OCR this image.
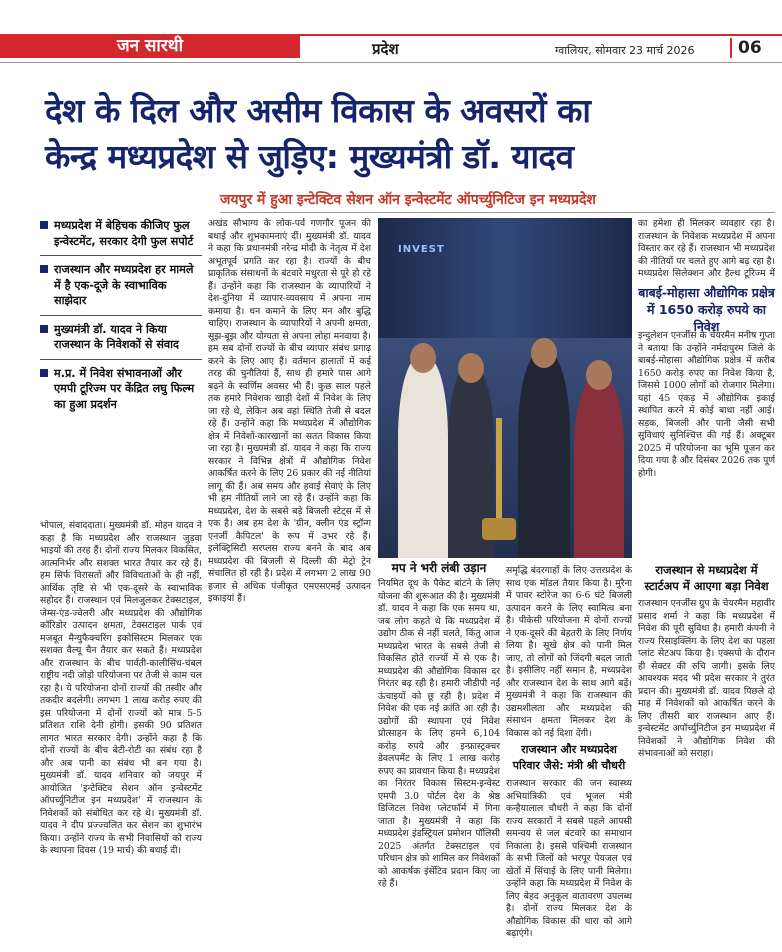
जन सारथी	प्रदेश	ग्वालियर, सोमवार 23 मार्च 2026	06
देश के दिल और असीम विकास के अवसरों का
केन्द्र मध्यप्रदेश से जुड़िए: मुख्यमंत्री डॉ. यादव
जयपुर में हुआ इन्टेक्टिव सेशन ऑन इन्वेस्टमेंट ऑपर्च्युनिटिज इन मध्यप्रदेश
मध्यप्रदेश में बेहिचक कीजिए फुल इन्वेस्टमेंट, सरकार देगी फुल सपोर्ट
राजस्थान और मध्यप्रदेश हर मामले में है एक-दूजे के स्वाभाविक साझेदार
मुख्यमंत्री डॉ. यादव ने किया राजस्थान के निवेशकों से संवाद
म.प्र. में निवेश संभावनाओं और एमपी टूरिज्म पर केंद्रित लघु फिल्म का हुआ प्रदर्शन

भोपाल, संवाददाता। मुख्यमंत्री डॉ. मोहन यादव ने कहा है कि मध्यप्रदेश और राजस्थान जुड़वा भाइयों की तरह हैं। दोनों राज्य मिलकर विकसित, आत्मनिर्भर और सशक्त भारत तैयार कर रहे हैं। हम सिर्फ विरासतों और विविधताओं के ही नहीं, आर्थिक तृष्टि से भी एक-दूसरे के स्वाभाविक सहोदर हैं। राजस्थान एवं मिलजुलकर टेक्सटाइल, जेम्स-एंड-ज्वेलरी और मध्यप्रदेश की औद्योगिक कॉरिडोर उत्पादन क्षमता, टेक्सटाइल पार्क एवं मजबूत मैन्युफैक्चरिंग इकोसिस्टम मिलकर एक सशक्त वैल्यू चैन तैयार कर सकते हैं। मध्यप्रदेश और राजस्थान के बीच पार्वती-कालीसिंध-चंबल राष्ट्रीय नदी जोड़ो परियोजना पर तेजी से काम चल रहा है। ये परियोजना दोनों राज्यों की तस्वीर और तकदीर बदलेगी। लगभग 1 लाख करोड़ रुपए की इस परियोजना में दोनों राज्यों को मात्र 5-5 प्रतिशत राशि देनी होगी। इसकी 90 प्रतिशत लागत भारत सरकार देगी। उन्होंने कहा है कि दोनों राज्यों के बीच बेटी-रोटी का संबंध रहा है और अब पानी का संबंध भी बन गया है। मुख्यमंत्री डॉ. यादव शनिवार को जयपुर में आयोजित 'इन्टेक्टिव सेशन ऑन इन्वेस्टमेंट ऑपर्च्युनिटीज इन मध्यप्रदेश' में राजस्थान के निवेशकों को संबोधित कर रहे थे। मुख्यमंत्री डॉ. यादव ने दीप प्रज्ज्वलित कर सेशन का शुभारंभ किया। उन्होंने राज्य के सभी निवासियों को राज्य के स्थापना दिवस (19 मार्च) की बधाई दी।

अखंड सौभाग्य के लोक-पर्व गणगौर पूजन की बधाई और शुभकामनाएं दीं। मुख्यमंत्री डॉ. यादव ने कहा कि प्रधानमंत्री नरेन्द्र मोदी के नेतृत्व में देश अभूतपूर्व प्रगति कर रहा है। राज्यों के बीच प्राकृतिक संसाधनों के बंटवारे मधुरता से पूरे हो रहे हैं। उन्होंने कहा कि राजस्थान के व्यापारियों ने देश-दुनिया में व्यापार-व्यवसाय में अपना नाम कमाया है। धन कमाने के लिए मन और बुद्धि चाहिए। राजस्थान के व्यापारियों ने अपनी क्षमता, सूझ-बूझ और योग्यता से अपना लोहा मनवाया है। हम सब दोनों राज्यों के बीच व्यापार संबंध प्रगाढ़ करने के लिए आए हैं। वर्तमान हालातों में कई तरह की चुनौतियां हैं, साथ ही हमारे पास आगे बढ़ने के स्वर्णिम अवसर भी हैं। कुछ साल पहले तक हमारे निवेशक खाड़ी देशों में निवेश के लिए जा रहे थे, लेकिन अब वहां स्थिति तेजी से बदल रहे हैं। उन्होंने कहा कि मध्यप्रदेश में औद्योगिक क्षेत्र में निवेशों-कारखानों का सतत विकास किया जा रहा है। मुख्यमंत्री डॉ. यादव ने कहा कि राज्य सरकार ने विभिन्न क्षेत्रों में औद्योगिक निवेश आकर्षित करने के लिए 26 प्रकार की नई नीतियां लागू की हैं। अब समय और हवाई सेवाएं के लिए भी हम नीतियों लाने जा रहे हैं। उन्होंने कहा कि मध्यप्रदेश, देश के सबसे बड़े बिजली स्टेट्स में से एक है। अब हम देश के 'ग्रीन, क्लीन एंड स्ट्रॉन्ग एनर्जी कैपिटल' के रूप में उभर रहे हैं। इलेक्ट्रिसिटी सरप्लस राज्य बनने के बाद अब मध्यप्रदेश की बिजली से दिल्ली की मेट्रो ट्रेन संचालित हो रही है। प्रदेश में लगभग 2 लाख 90 हजार से अधिक पंजीकृत एमएसएमई उत्पादन इकाइयां हैं।

INVEST

नियमित दूध के पैकेट बांटने के लिए योजना की शुरूआत की है। मुख्यमंत्री डॉ. यादव ने कहा कि एक समय था, जब लोग कहते थे कि मध्यप्रदेश में उद्योग ठीक से नहीं चलते, किंतु आज मध्यप्रदेश भारत के सबसे तेजी से विकसित होते राज्यों में से एक है। मध्यप्रदेश की औद्योगिक विकास दर निरंतर बढ़ रही है। हमारी जीडीपी नई ऊंचाइयों को छू रही है। प्रदेश में निवेश की एक नई क्रांति आ रही है। उद्योगों की स्थापना एवं निवेश प्रोत्साहन के लिए हमने 6,104 करोड़ रुपये और इन्फ्रास्ट्रक्चर डेवलपमेंट के लिए 1 लाख करोड़ रुपए का प्रावधान किया है। मध्यप्रदेश का निरंतर विकास सिस्टम-इन्वेस्ट एमपी 3.0 पोर्टल देश के श्रेष्ठ डिजिटल निवेश प्लेटफॉर्म में गिना जाता है। मुख्यमंत्री ने कहा कि मध्यप्रदेश इंडस्ट्रियल प्रमोशन पॉलिसी 2025 अंतर्गत टेक्सटाइल एवं परिधान क्षेत्र को शामिल कर निवेशकों को आकर्षक इंसेंटिव प्रदान किए जा रहे हैं।

समृद्धि बंदरगाहों के लिए उत्तरप्रदेश के साथ एक मॉडल तैयार किया है। मुरैना में पावर स्टोरेज का 6-6 घंटे बिजली उत्पादन करने के लिए स्वामित्व बना है। पीकेसी परियोजना में दोनों राज्यों ने एक-दूसरे की बेहतरी के लिए निर्णय लिया है। सूखे क्षेत्र को पानी मिल जाए, तो लोगों को जिंदगी बदल जाती है। इसीलिए नहीं समान है, मध्यप्रदेश और राजस्थान देश के साथ आगे बढ़ें। मुख्यमंत्री ने कहा कि राजस्थान की उद्यमशीलता और मध्यप्रदेश की संसाधन क्षमता मिलकर देश के विकास को नई दिशा देंगी।

राजस्थान और मध्यप्रदेश परिवार जैसे: मंत्री श्री चौधरी

राजस्थान सरकार की जन स्वास्थ्य अभियांत्रिकी एवं भूजल मंत्री कन्हैयालाल चौधरी ने कहा कि दोनों राज्य सरकारों ने सबसे पहले आपसी समन्वय से जल बंटवारे का समाधान निकाला है। इससे पश्चिमी राजस्थान के सभी जिलों को भरपूर पेयजल एवं खेतों में सिंचाई के लिए पानी मिलेगा। उन्होंने कहा कि मध्यप्रदेश में निवेश के लिए बेहद अनुकूल वातावरण उपलब्ध है। दोनों राज्य मिलकर देश के औद्योगिक विकास की धारा को आगे बढ़ाएंगे।

का हमेशा ही मिलकर व्यवहार रहा है। राजस्थान के निवेशक मध्यप्रदेश में अपना विस्तार कर रहे हैं। राजस्थान भी मध्यप्रदेश की नीतियों पर चलते हुए आगे बढ़ रहा है। मध्यप्रदेश सिलेक्शन और हैल्थ टूरिज्म में

बाबई-मोहासा औद्योगिक प्रक्षेत्र में 1650 करोड़ रुपये का निवेश

इन्दुलेशन एनर्जीस के चेयरमैन मनीष गुप्ता ने बताया कि उन्होंने नर्मदापुरम जिले के बाबई-मोहासा औद्योगिक प्रक्षेत्र में करीब 1650 करोड़ रुपए का निवेश किया है, जिससे 1000 लोगों को रोजगार मिलेगा। यहां 45 एकड़ में औद्योगिक इकाई स्थापित करने में कोई बाधा नहीं आई। सड़क, बिजली और पानी जैसी सभी सुविधाएं सुनिश्चित्त की गई हैं। अक्टूबर 2025 में परियोजना का भूमि पूजन कर दिया गया है और दिसंबर 2026 तक पूर्ण होगी।

राजस्थान से मध्यप्रदेश में स्टार्टअप में आएगा बड़ा निवेश

राजस्थान एनर्जीस ग्रुप के चेयरमैन महावीर प्रसाद शर्मा ने कहा कि मध्यप्रदेश में निवेश की पूरी सुविधा है। हमारी कंपनी ने राज्य रिसाइक्लिंग के लिए देश का पहला प्लांट सेटअप किया है। एक्सपो के दौरान ही सेक्टर की रुचि जागी। इसके लिए आवश्यक मदद भी प्रदेश सरकार ने तुरंत प्रदान की। मुख्यमंत्री डॉ. यादव पिछले दो माह में निवेशकों को आकर्षित करने के लिए तीसरी बार राजस्थान आए हैं। इन्वेस्टमेंट अपॉर्च्युनिटीज इन मध्यप्रदेश में निवेशकों ने औद्योगिक निवेश की संभावनाओं को सराहा।

मप ने भरी लंबी उड़ान
